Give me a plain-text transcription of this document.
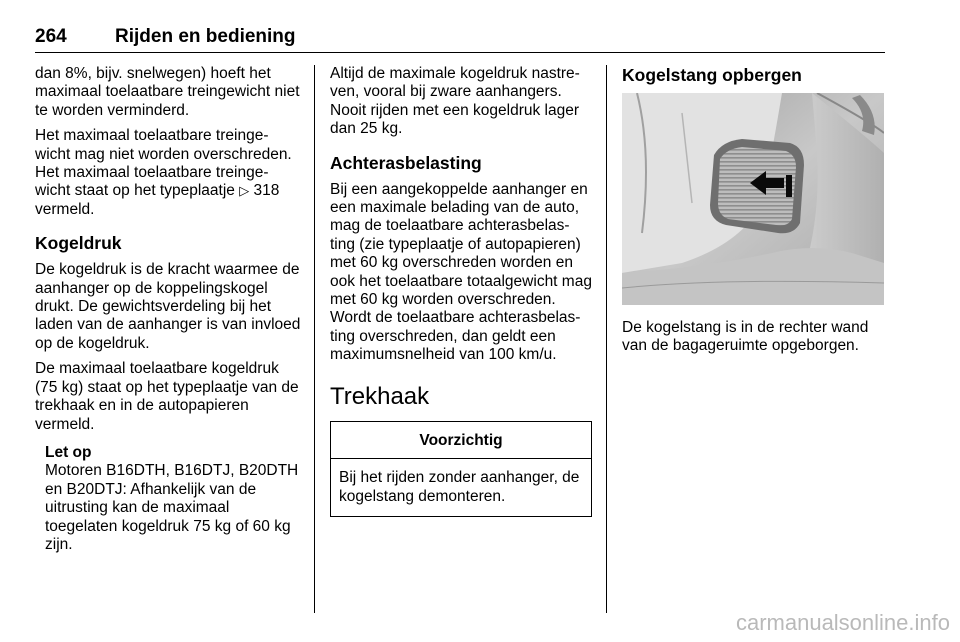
264	Rijden en bediening

dan 8%, bijv. snelwegen) hoeft het maximaal toelaatbare treingewicht niet te worden verminderd.

Het maximaal toelaatbare treinge-wicht mag niet worden overschreden. Het maximaal toelaatbare treinge-wicht staat op het typeplaatje ▷ 318 vermeld.

Kogeldruk

De kogeldruk is de kracht waarmee de aanhanger op de koppelingskogel drukt. De gewichtsverdeling bij het laden van de aanhanger is van invloed op de kogeldruk.

De maximaal toelaatbare kogeldruk (75 kg) staat op het typeplaatje van de trekhaak en in de autopapieren vermeld.

Let op
Motoren B16DTH, B16DTJ, B20DTH en B20DTJ: Afhankelijk van de uitrusting kan de maximaal toegelaten kogeldruk 75 kg of 60 kg zijn.

Altijd de maximale kogeldruk nastre-ven, vooral bij zware aanhangers. Nooit rijden met een kogeldruk lager dan 25 kg.

Achterasbelasting

Bij een aangekoppelde aanhanger en een maximale belading van de auto, mag de toelaatbare achterasbelas-ting (zie typeplaatje of autopapieren) met 60 kg overschreden worden en ook het toelaatbare totaalgewicht mag met 60 kg worden overschreden. Wordt de toelaatbare achterasbelas-ting overschreden, dan geldt een maximumsnelheid van 100 km/u.

Trekhaak
Voorzichtig
Bij het rijden zonder aanhanger, de kogelstang demonteren.
Kogelstang opbergen

De kogelstang is in de rechter wand van de bagageruimte opgeborgen.

carmanualsonline.info
